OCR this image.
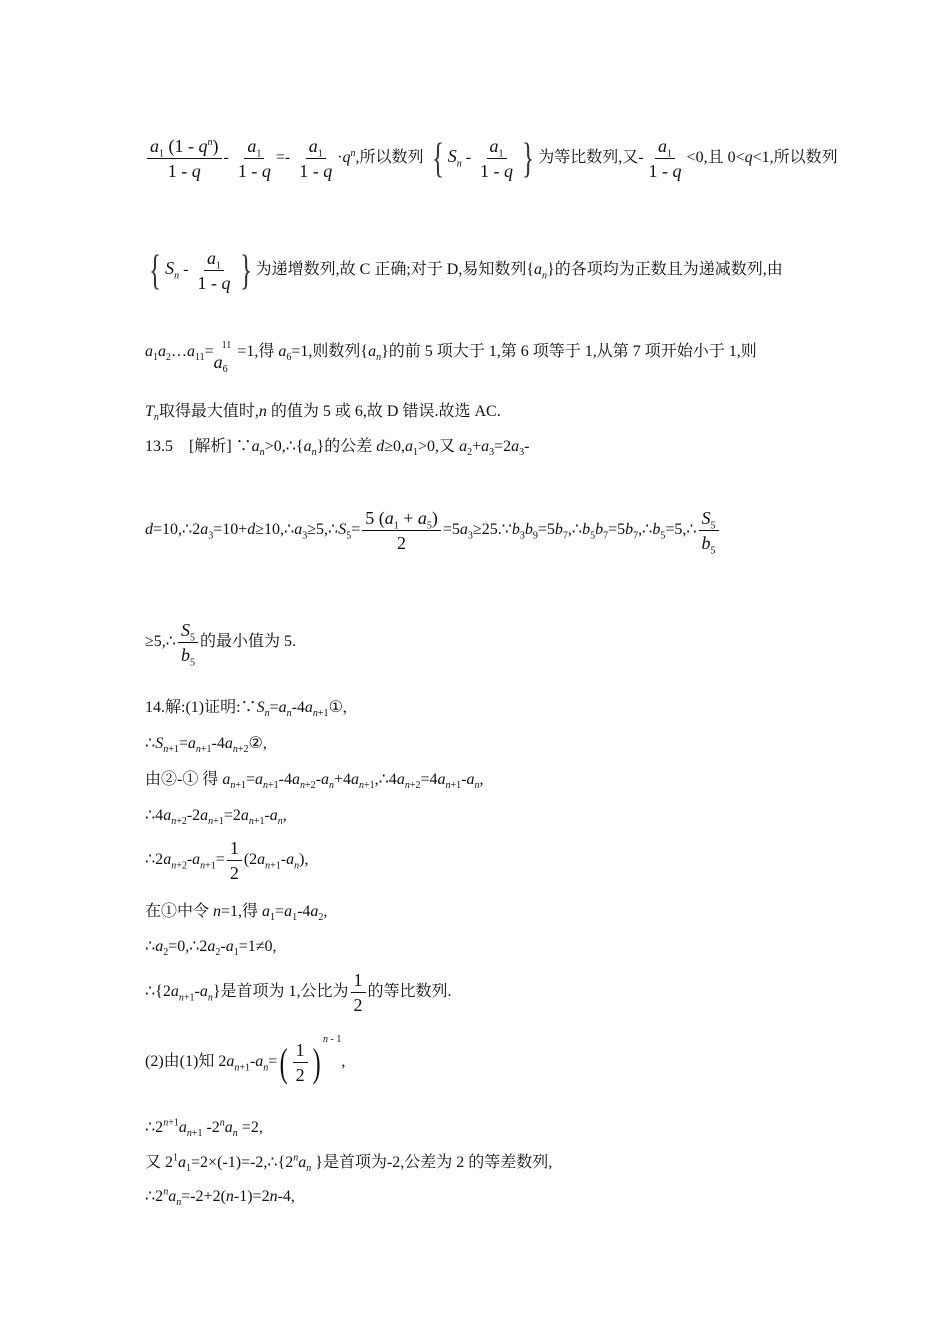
$\frac{a_1 (1 - q^n)}{1 - q} - \frac{a_1}{1 - q} =- \frac{a_1}{1 - q} \cdot q^n$,所以数列 { $S_n - \frac{a_1}{1 - q}$ } 为等比数列,又- $\frac{a_1}{1 - q} <0$,且 0<q<1,所以数列
{ $S_n - \frac{a_1}{1 - q}$ } 为递增数列,故 C 正确;对于 D,易知数列$\{a_n\}$的各项均为正数且为递减数列,由
$a_1a_2\dots a_{11}=a_6^{11} =1$,得 $a_6=1$,则数列$\{a_n\}$的前 5 项大于 1,第 6 项等于 1,从第 7 项开始小于 1,则
$T_n$取得最大值时,n 的值为 5 或 6,故 D 错误.故选 AC.
13.5　[解析] $\because a_n>0,\therefore\{a_n\}$的公差 $d\ge 0,a_1>0$,又 $a_2+a_3=2a_3-$
$d=10,\therefore 2a_3=10+d\ge 10,\therefore a_3\ge 5,\therefore S_5= \frac{5 (a_1 + a_5)}{2}$ $=5a_3\ge 25.\because b_3b_9=5b_7,\therefore b_5b_7=5b_7,\therefore b_5=5,\therefore \frac{S_5}{b_5}$
≥5,∴ $\frac{S_5}{b_5}$ 的最小值为 5.
14.解:(1)证明$:\because S_n=a_n-4a_{n+1}①$,
$\therefore S_{n+1}=a_{n+1}-4a_{n+2}②$,
由②-① 得 $a_{n+1}=a_{n+1}-4a_{n+2}-a_n+4a_{n+1},\therefore 4a_{n+2}=4a_{n+1}-a_n$,
$\therefore 4a_{n+2}-2a_{n+1}=2a_{n+1}-a_n$,
$\therefore 2a_{n+2}-a_{n+1}= \frac{1}{2} (2a_{n+1}-a_n)$,
在①中令 n=1,得 $a_1=a_1-4a_2$,
$\therefore a_2=0,\therefore 2a_2-a_1=1\ne 0$,
$\therefore\{2a_{n+1}-a_n\}$是首项为 1,公比为 $\frac{1}{2}$ 的等比数列.
(2)由(1)知 $2a_{n+1}-a_n=( \frac{1}{2} )^{n - 1}$,
$\therefore 2^{n+1}a_{n+1}$ $-2^na_n =2$,
又 $2^1a_1=2\times(-1)=-2,\therefore\{2^na_n$ }是首项为-2,公差为 2 的等差数列,
$\therefore 2^na_n=-2+2(n-1)=2n-4$,
